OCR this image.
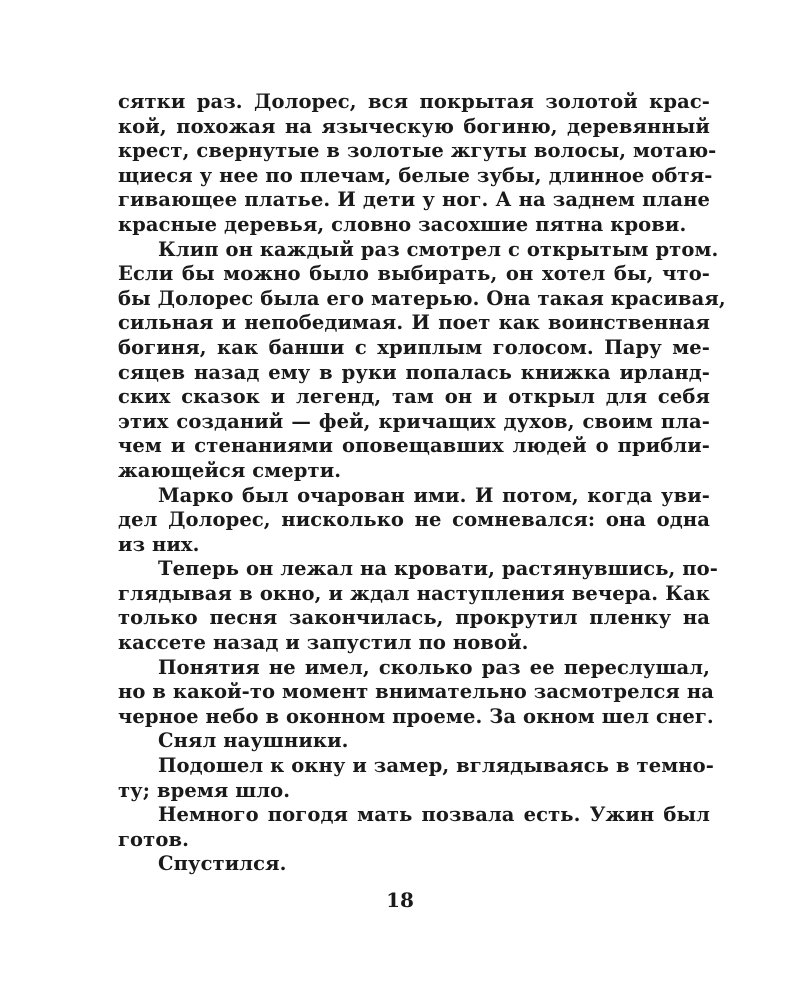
сятки раз. Долорес, вся покрытая золотой крас-
кой, похожая на языческую богиню, деревянный
крест, свернутые в золотые жгуты волосы, мотаю-
щиеся у нее по плечам, белые зубы, длинное обтя-
гивающее платье. И дети у ног. А на заднем плане
красные деревья, словно засохшие пятна крови.
Клип он каждый раз смотрел с открытым ртом.
Если бы можно было выбирать, он хотел бы, что-
бы Долорес была его матерью. Она такая красивая,
сильная и непобедимая. И поет как воинственная
богиня, как банши с хриплым голосом. Пару ме-
сяцев назад ему в руки попалась книжка ирланд-
ских сказок и легенд, там он и открыл для себя
этих созданий — фей, кричащих духов, своим пла-
чем и стенаниями оповещавших людей о прибли-
жающейся смерти.
Марко был очарован ими. И потом, когда уви-
дел Долорес, нисколько не сомневался: она одна
из них.
Теперь он лежал на кровати, растянувшись, по-
глядывая в окно, и ждал наступления вечера. Как
только песня закончилась, прокрутил пленку на
кассете назад и запустил по новой.
Понятия не имел, сколько раз ее переслушал,
но в какой-то момент внимательно засмотрелся на
черное небо в оконном проеме. За окном шел снег.
Снял наушники.
Подошел к окну и замер, вглядываясь в темно-
ту; время шло.
Немного погодя мать позвала есть. Ужин был
готов.
Спустился.
18
